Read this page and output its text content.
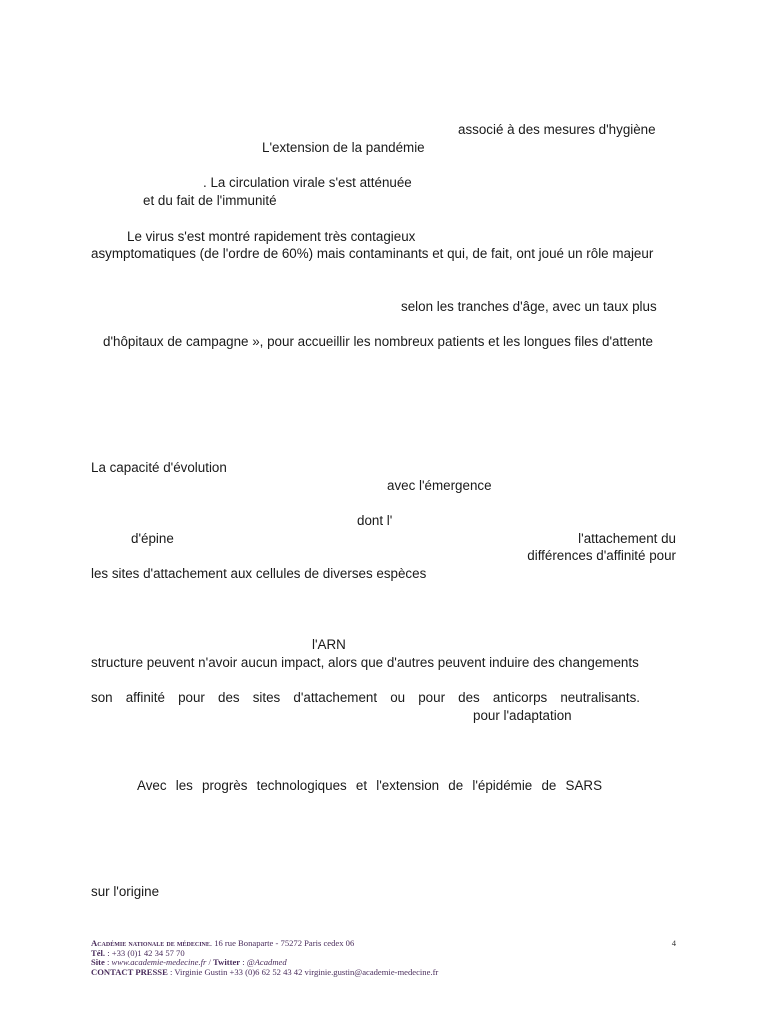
associé à des mesures d'hygiène
L'extension de la pandémie
. La circulation virale s'est atténuée
et du fait de l'immunité
Le virus s'est montré rapidement très contagieux
asymptomatiques (de l'ordre de 60%) mais contaminants et qui, de fait, ont joué un rôle majeur
selon les tranches d'âge, avec un taux plus
d'hôpitaux de campagne », pour accueillir les nombreux patients et les longues files d'attente
La capacité d'évolution
avec l'émergence
dont l'
d'épine	l'attachement du
différences d'affinité pour
les sites d'attachement aux cellules de diverses espèces
l'ARN
structure peuvent n'avoir aucun impact, alors que d'autres peuvent induire des changements
son affinité pour des sites d'attachement ou pour des anticorps neutralisants.
pour l'adaptation
Avec les progrès technologiques et l'extension de l'épidémie de SARS
sur l'origine
Académie nationale de médecine. 16 rue Bonaparte - 75272 Paris cedex 06	4
Tél. : +33 (0)1 42 34 57 70
Site : www.academie-medecine.fr / Twitter : @Acadmed
CONTACT PRESSE : Virginie Gustin +33 (0)6 62 52 43 42 virginie.gustin@academie-medecine.fr
